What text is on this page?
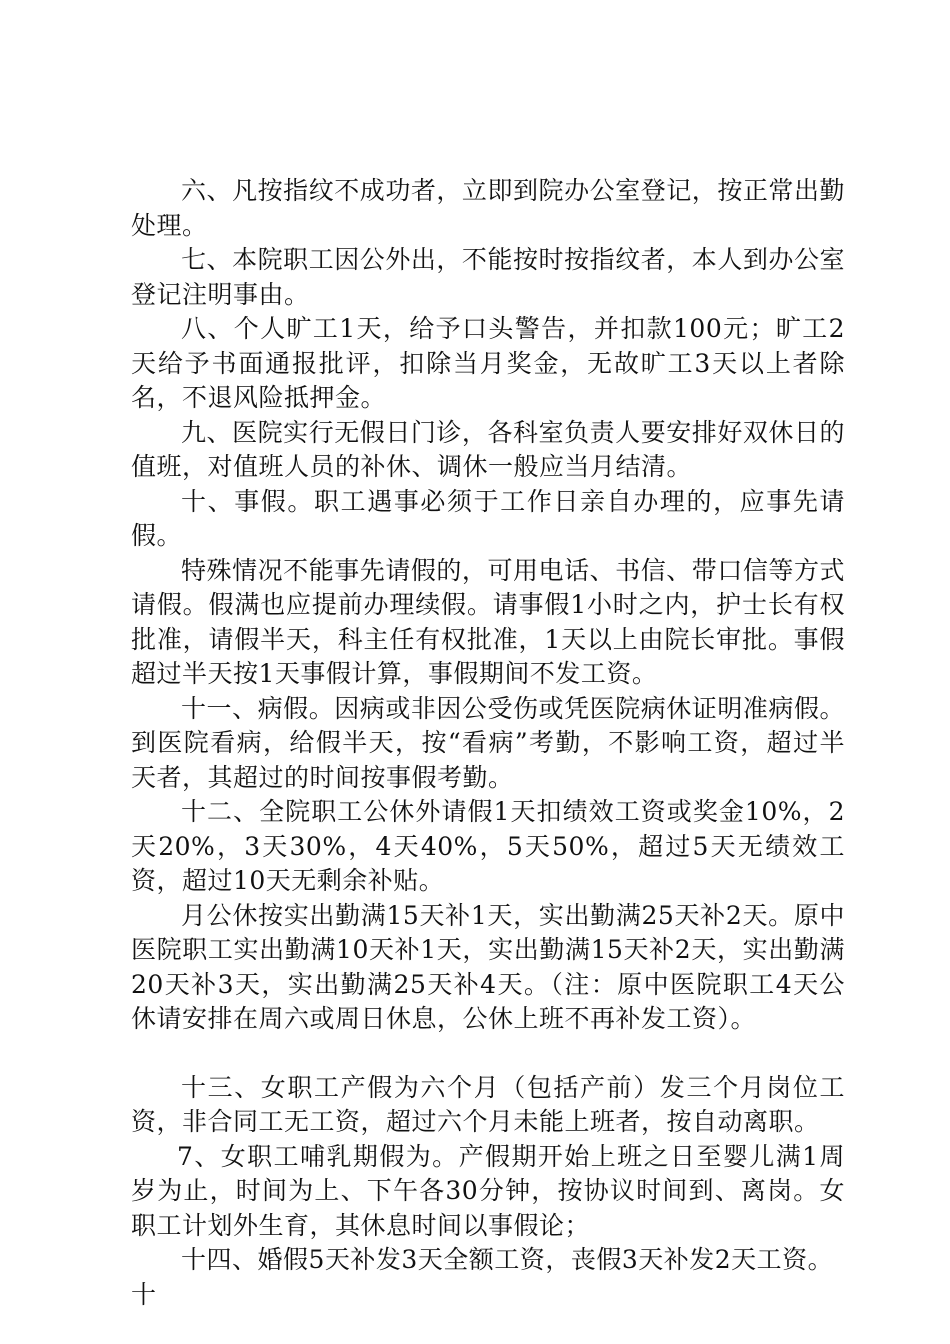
六、凡按指纹不成功者，立即到院办公室登记，按正常出勤处理。

七、本院职工因公外出，不能按时按指纹者，本人到办公室登记注明事由。

八、个人旷工1天，给予口头警告，并扣款100元；旷工2天给予书面通报批评，扣除当月奖金，无故旷工3天以上者除名，不退风险抵押金。

九、医院实行无假日门诊，各科室负责人要安排好双休日的值班，对值班人员的补休、调休一般应当月结清。

十、事假。职工遇事必须于工作日亲自办理的，应事先请假。

特殊情况不能事先请假的，可用电话、书信、带口信等方式请假。假满也应提前办理续假。请事假1小时之内，护士长有权批准，请假半天，科主任有权批准，1天以上由院长审批。事假超过半天按1天事假计算，事假期间不发工资。

十一、病假。因病或非因公受伤或凭医院病休证明准病假。到医院看病，给假半天，按“看病”考勤，不影响工资，超过半天者，其超过的时间按事假考勤。

十二、全院职工公休外请假1天扣绩效工资或奖金10%，2天20%，3天30%，4天40%，5天50%，超过5天无绩效工资，超过10天无剩余补贴。

月公休按实出勤满15天补1天，实出勤满25天补2天。原中医院职工实出勤满10天补1天，实出勤满15天补2天，实出勤满20天补3天，实出勤满25天补4天。（注：原中医院职工4天公休请安排在周六或周日休息，公休上班不再补发工资）。

十三、女职工产假为六个月（包括产前）发三个月岗位工资，非合同工无工资，超过六个月未能上班者，按自动离职。

7、女职工哺乳期假为。产假期开始上班之日至婴儿满1周岁为止，时间为上、下午各30分钟，按协议时间到、离岗。女职工计划外生育，其休息时间以事假论；

十四、婚假5天补发3天全额工资，丧假3天补发2天工资。

十
